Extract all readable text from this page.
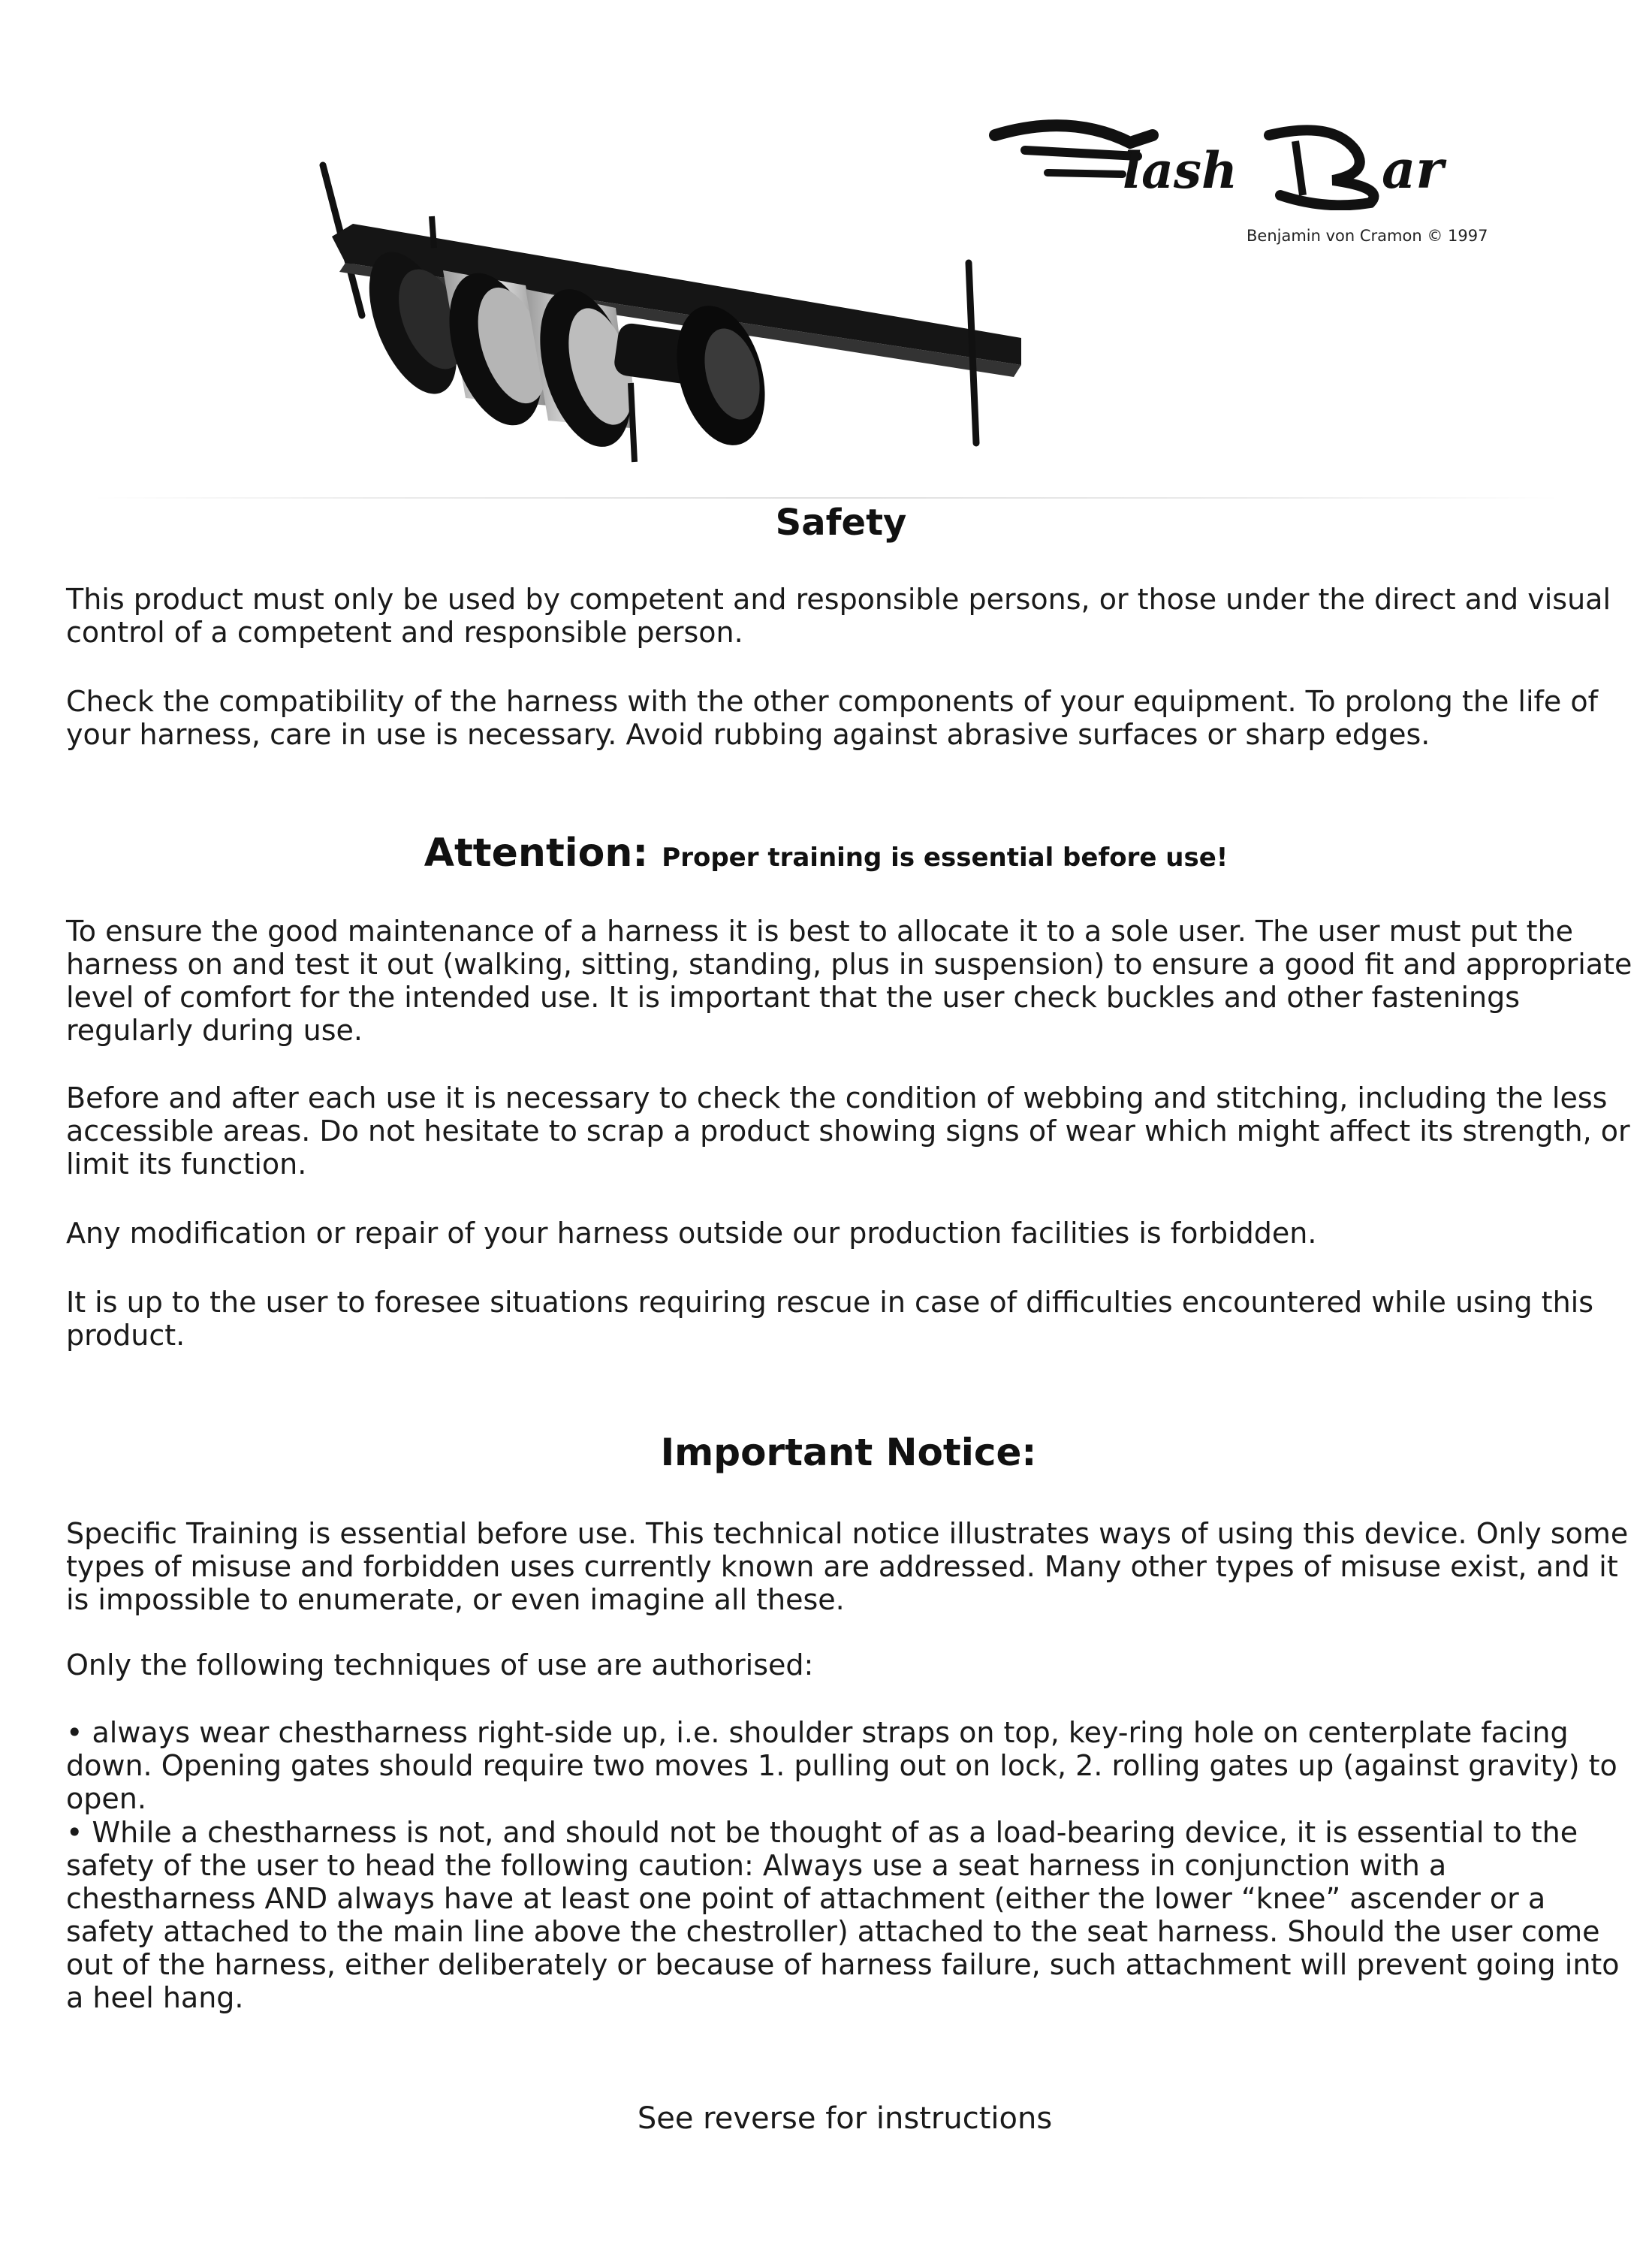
lash	ar
Benjamin von Cramon © 1997
Safety

This product must only be used by competent and responsible persons, or those under the direct and visual control of a competent and responsible person.

Check the compatibility of the harness with the other components of your equipment. To prolong the life of your harness, care in use is necessary. Avoid rubbing against abrasive surfaces or sharp edges.

Attention: Proper training is essential before use!

To ensure the good maintenance of a harness it is best to allocate it to a sole user. The user must put the harness on and test it out (walking, sitting, standing, plus in suspension) to ensure a good fit and appropriate level of comfort for the intended use. It is important that the user check buckles and other fastenings regularly during use.

Before and after each use it is necessary to check the condition of webbing and stitching, including the less accessible areas. Do not hesitate to scrap a product showing signs of wear which might affect its strength, or limit its function.

Any modification or repair of your harness outside our production facilities is forbidden.

It is up to the user to foresee situations requiring rescue in case of difficulties encountered while using this product.

Important Notice:

Specific Training is essential before use. This technical notice illustrates ways of using this device. Only some types of misuse and forbidden uses currently known are addressed. Many other types of misuse exist, and it is impossible to enumerate, or even imagine all these.

Only the following techniques of use are authorised:

• always wear chestharness right-side up, i.e. shoulder straps on top, key-ring hole on centerplate facing down. Opening gates should require two moves 1. pulling out on lock, 2. rolling gates up (against gravity) to open.

• While a chestharness is not, and should not be thought of as a load-bearing device, it is essential to the safety of the user to head the following caution: Always use a seat harness in conjunction with a chestharness AND always have at least one point of attachment (either the lower “knee” ascender or a safety attached to the main line above the chestroller) attached to the seat harness. Should the user come out of the harness, either deliberately or because of harness failure, such attachment will prevent going into a heel hang.

See reverse for instructions
